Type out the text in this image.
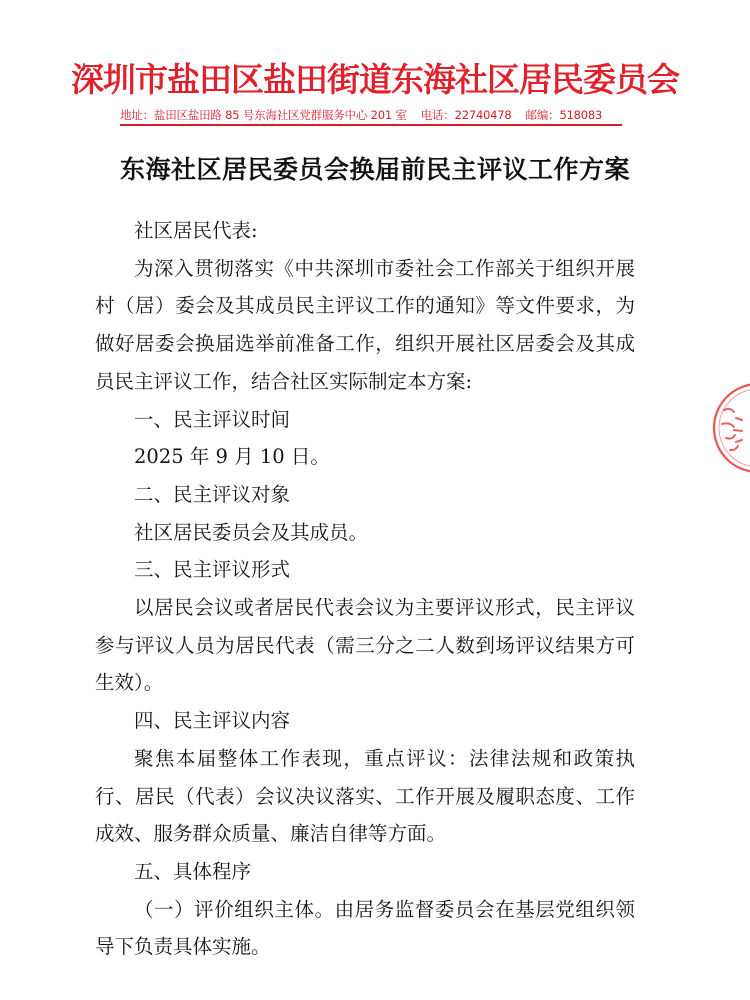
深圳市盐田区盐田街道东海社区居民委员会
地址：盐田区盐田路 85 号东海社区党群服务中心 201 室 电话：22740478 邮编：518083
东海社区居民委员会换届前民主评议工作方案

社区居民代表:

为深入贯彻落实《中共深圳市委社会工作部关于组织开展村（居）委会及其成员民主评议工作的通知》等文件要求，为做好居委会换届选举前准备工作，组织开展社区居委会及其成员民主评议工作，结合社区实际制定本方案:

一、民主评议时间

2025 年 9 月 10 日。

二、民主评议对象

社区居民委员会及其成员。

三、民主评议形式

以居民会议或者居民代表会议为主要评议形式，民主评议参与评议人员为居民代表（需三分之二人数到场评议结果方可生效）。

四、民主评议内容

聚焦本届整体工作表现，重点评议：法律法规和政策执行、居民（代表）会议决议落实、工作开展及履职态度、工作成效、服务群众质量、廉洁自律等方面。

五、具体程序

（一）评价组织主体。由居务监督委员会在基层党组织领导下负责具体实施。
